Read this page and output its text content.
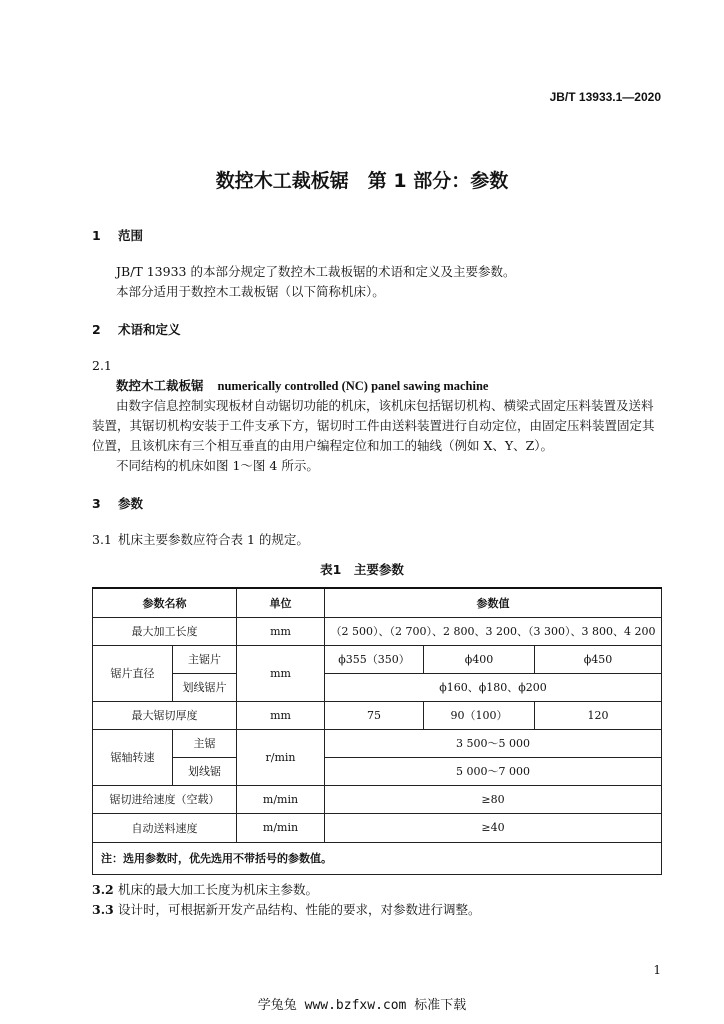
JB/T 13933.1—2020
数控木工裁板锯　第 1 部分：参数
1 范围
JB/T 13933 的本部分规定了数控木工裁板锯的术语和定义及主要参数。
本部分适用于数控木工裁板锯（以下简称机床）。
2 术语和定义
2.1
数控木工裁板锯 numerically controlled (NC) panel sawing machine
由数字信息控制实现板材自动锯切功能的机床，该机床包括锯切机构、横梁式固定压料装置及送料
装置，其锯切机构安装于工件支承下方，锯切时工件由送料装置进行自动定位，由固定压料装置固定其
位置，且该机床有三个相互垂直的由用户编程定位和加工的轴线（例如 X、Y、Z）。
不同结构的机床如图 1～图 4 所示。
3 参数
3.1 机床主要参数应符合表 1 的规定。
表1　主要参数
参数名称		单位	参数值		
最大加工长度		mm	（2 500）、（2 700）、2 800、3 200、（3 300）、3 800、4 200		
锯片直径	主锯片	mm	ϕ355（350）	ϕ400	ϕ450
	划线锯片		ϕ160、ϕ180、ϕ200		
最大锯切厚度		mm	75	90（100）	120
锯轴转速	主锯	r/min	3 500～5 000		
	划线锯		5 000～7 000		
锯切进给速度（空载）		m/min	≥80		
自动送料速度		m/min	≥40		
注：选用参数时，优先选用不带括号的参数值。					
3.2 机床的最大加工长度为机床主参数。
3.3 设计时，可根据新开发产品结构、性能的要求，对参数进行调整。
1
学兔兔 www.bzfxw.com 标准下载
